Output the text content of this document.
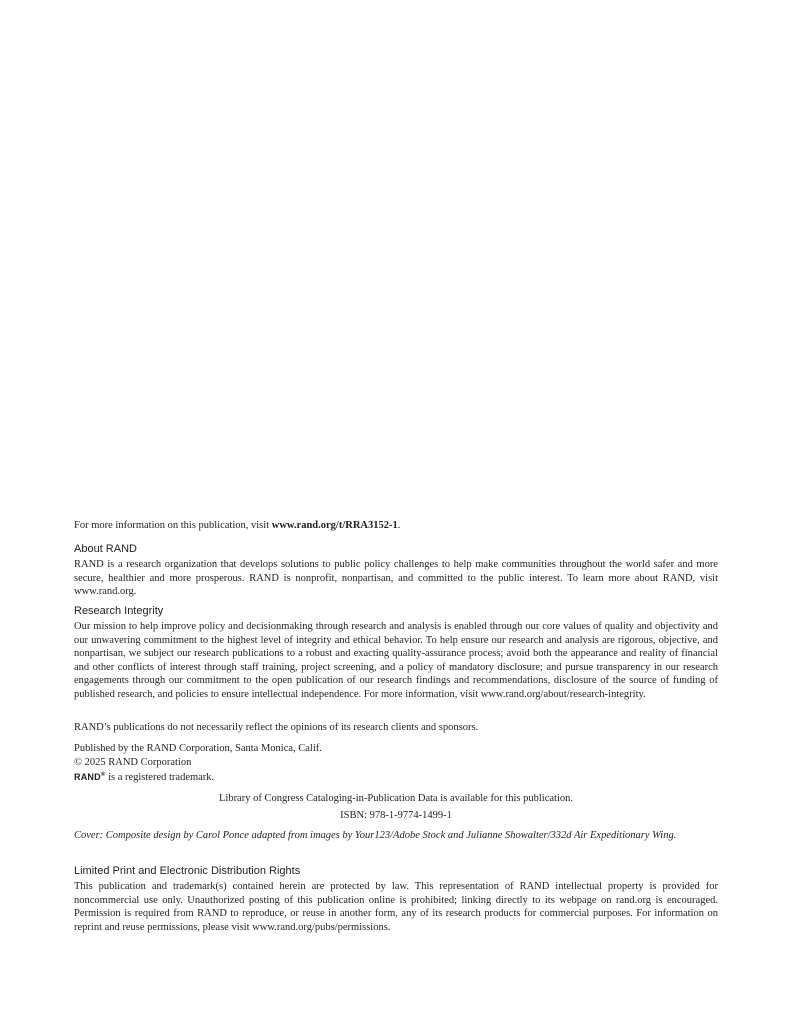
For more information on this publication, visit www.rand.org/t/RRA3152-1.
About RAND

RAND is a research organization that develops solutions to public policy challenges to help make communities throughout the world safer and more secure, healthier and more prosperous. RAND is nonprofit, nonpartisan, and committed to the public interest. To learn more about RAND, visit www.rand.org.

Research Integrity

Our mission to help improve policy and decisionmaking through research and analysis is enabled through our core values of quality and objectivity and our unwavering commitment to the highest level of integrity and ethical behavior. To help ensure our research and analysis are rigorous, objective, and nonpartisan, we subject our research publications to a robust and exacting quality-assurance process; avoid both the appearance and reality of financial and other conflicts of interest through staff training, project screening, and a policy of mandatory disclosure; and pursue transparency in our research engagements through our commitment to the open publication of our research findings and recommendations, disclosure of the source of funding of published research, and policies to ensure intellectual independence. For more information, visit www.rand.org/about/research-integrity.

RAND’s publications do not necessarily reflect the opinions of its research clients and sponsors.
Published by the RAND Corporation, Santa Monica, Calif.
© 2025 RAND Corporation
RAND® is a registered trademark.
Library of Congress Cataloging-in-Publication Data is available for this publication.
ISBN: 978-1-9774-1499-1
Cover: Composite design by Carol Ponce adapted from images by Your123/Adobe Stock and Julianne Showalter/332d Air Expeditionary Wing.
Limited Print and Electronic Distribution Rights

This publication and trademark(s) contained herein are protected by law. This representation of RAND intellectual property is provided for noncommercial use only. Unauthorized posting of this publication online is prohibited; linking directly to its webpage on rand.org is encouraged. Permission is required from RAND to reproduce, or reuse in another form, any of its research products for commercial purposes. For information on reprint and reuse permissions, please visit www.rand.org/pubs/permissions.
